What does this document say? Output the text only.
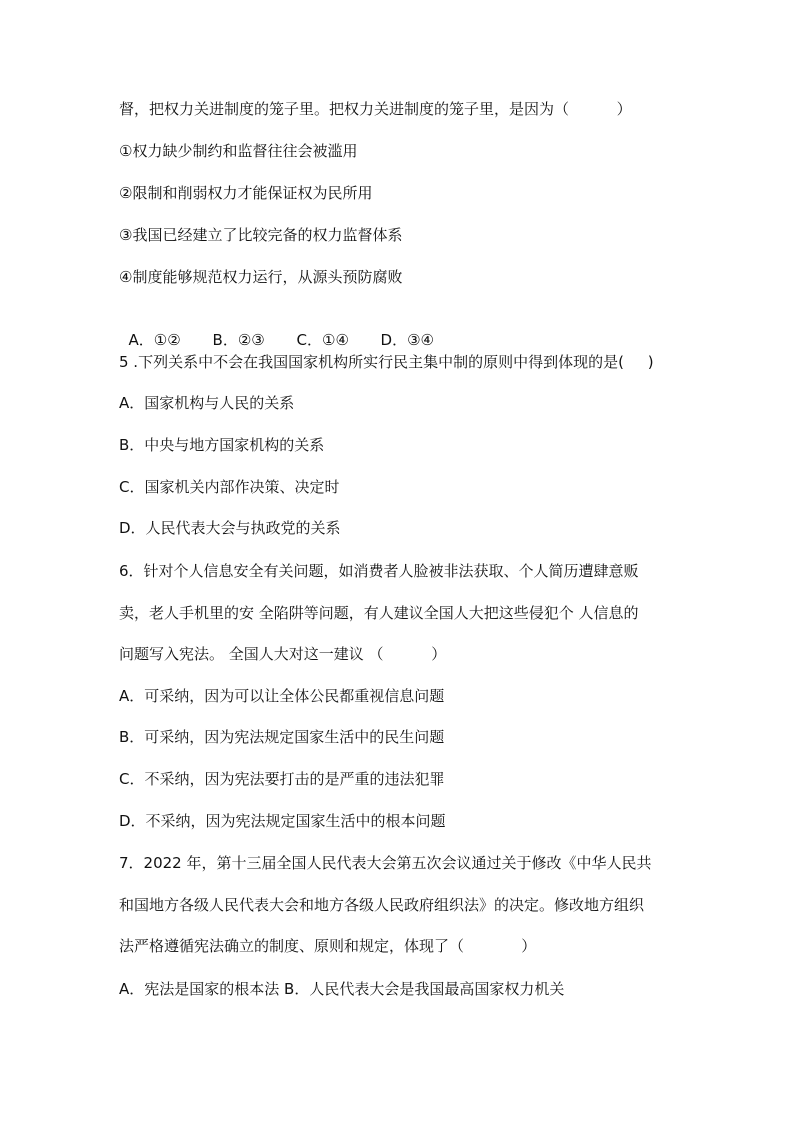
督，把权力关进制度的笼子里。把权力关进制度的笼子里，是因为（          ）
①权力缺少制约和监督往往会被滥用
②限制和削弱权力才能保证权为民所用
③我国已经建立了比较完备的权力监督体系
④制度能够规范权力运行，从源头预防腐败

A．①② B．②③ C．①④ D．③④

5 .下列关系中不会在我国国家机构所实行民主集中制的原则中得到体现的是(     )
A．国家机构与人民的关系
B．中央与地方国家机构的关系
C．国家机关内部作决策、决定时
D．人民代表大会与执政党的关系
6．针对个人信息安全有关问题，如消费者人脸被非法获取、个人简历遭肆意贩
卖，老人手机里的安 全陷阱等问题，有人建议全国人大把这些侵犯个 人信息的
问题写入宪法。 全国人大对这一建议 （          ）
A．可采纳，因为可以让全体公民都重视信息问题
B．可采纳，因为宪法规定国家生活中的民生问题
C．不采纳，因为宪法要打击的是严重的违法犯罪
D．不采纳，因为宪法规定国家生活中的根本问题
7．2022 年，第十三届全国人民代表大会第五次会议通过关于修改《中华人民共
和国地方各级人民代表大会和地方各级人民政府组织法》的决定。修改地方组织
法严格遵循宪法确立的制度、原则和规定，体现了（            ）
A．宪法是国家的根本法 B．人民代表大会是我国最高国家权力机关
